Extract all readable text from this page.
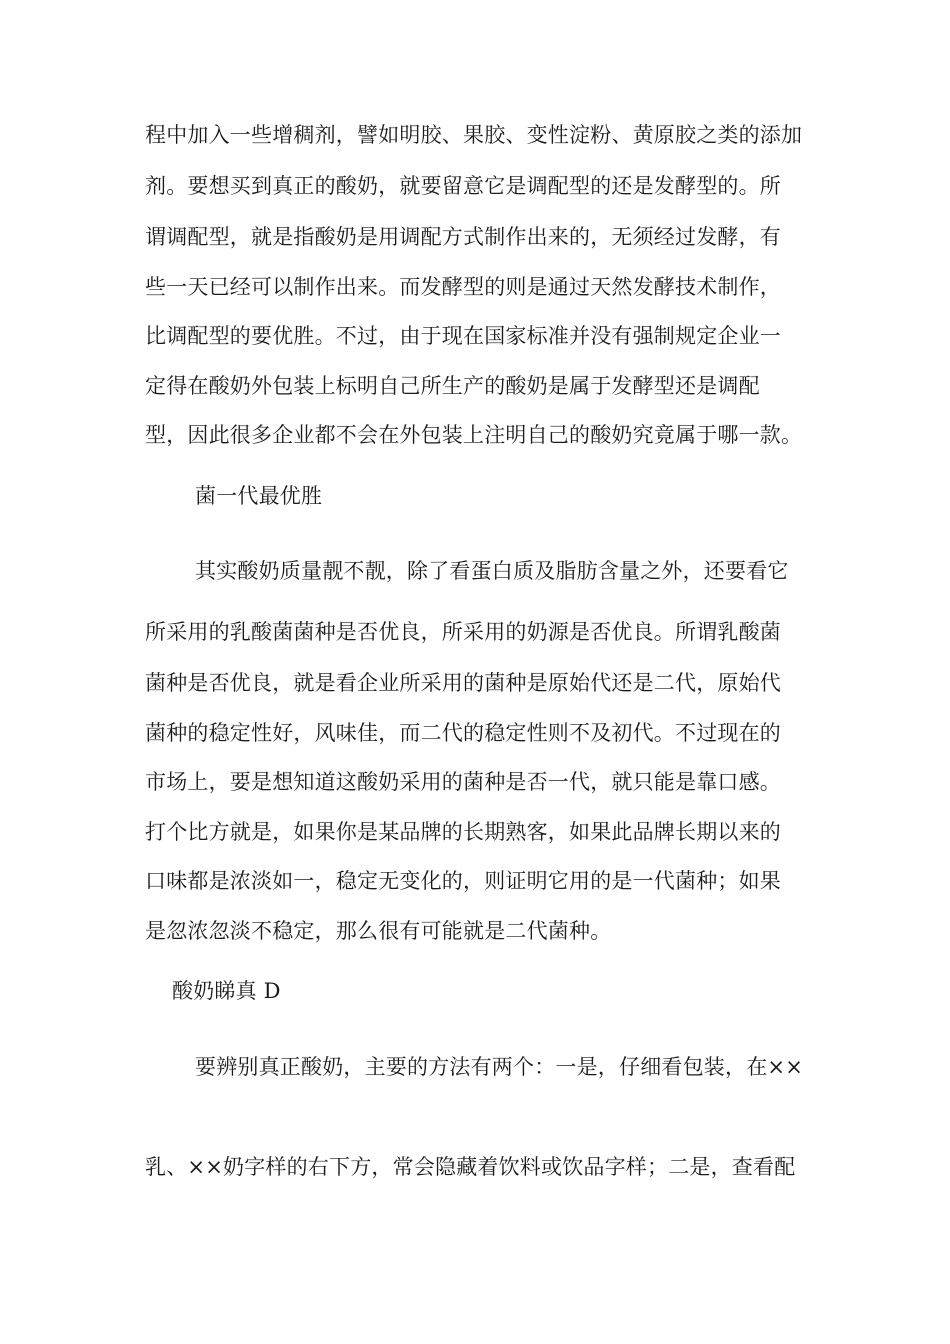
程中加入一些增稠剂，譬如明胶、果胶、变性淀粉、黄原胶之类的添加
剂。要想买到真正的酸奶，就要留意它是调配型的还是发酵型的。所
谓调配型，就是指酸奶是用调配方式制作出来的，无须经过发酵，有
些一天已经可以制作出来。而发酵型的则是通过天然发酵技术制作，
比调配型的要优胜。不过，由于现在国家标准并没有强制规定企业一
定得在酸奶外包装上标明自己所生产的酸奶是属于发酵型还是调配
型，因此很多企业都不会在外包装上注明自己的酸奶究竟属于哪一款。
菌一代最优胜
其实酸奶质量靓不靓，除了看蛋白质及脂肪含量之外，还要看它
所采用的乳酸菌菌种是否优良，所采用的奶源是否优良。所谓乳酸菌
菌种是否优良，就是看企业所采用的菌种是原始代还是二代，原始代
菌种的稳定性好，风味佳，而二代的稳定性则不及初代。不过现在的
市场上，要是想知道这酸奶采用的菌种是否一代，就只能是靠口感。
打个比方就是，如果你是某品牌的长期熟客，如果此品牌长期以来的
口味都是浓淡如一，稳定无变化的，则证明它用的是一代菌种；如果
是忽浓忽淡不稳定，那么很有可能就是二代菌种。
酸奶睇真 D
要辨别真正酸奶，主要的方法有两个：一是，仔细看包装，在××
乳、××奶字样的右下方，常会隐藏着饮料或饮品字样；二是，查看配
